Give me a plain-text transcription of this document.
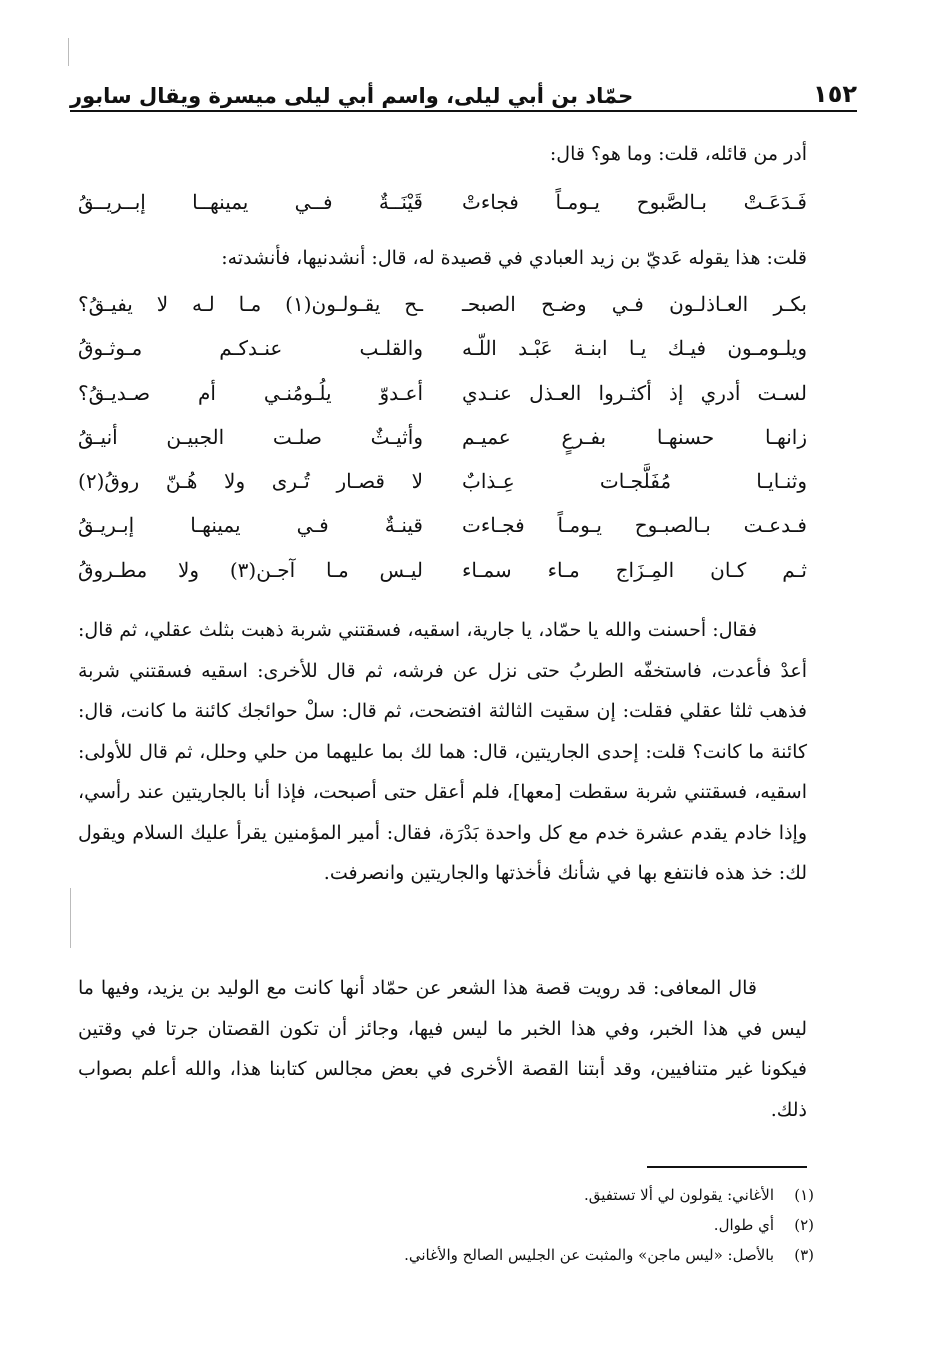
١٥٢
حمّاد بن أبي ليلى، واسم أبي ليلى ميسرة ويقال سابور

أدر من قائله، قلت: وما هو؟ قال:

فَـدَعَـتْ بـالصَّبوح يـومـاً فجاءتْ
قَيْنَــةٌ فــي يمينهــا إبــريــقُ

قلت: هذا يقوله عَديّ بن زيد العبادي في قصيدة له، قال: أنشدنيها، فأنشدته:

بكـر العـاذلـون فـي وضـح الصبحـ
ـح يقـولـون(١) مـا لـه لا يفيـقُ؟
ويلـومـون فيـك يـا ابنـة عَبْـد اللّـه
والقلـب عنـدكـم مـوثـوقُ
لسـت أدري إذ أكثـروا العـذل عنـدي
أعـدوّ يلُـومُنـي أم صـديـقُ؟
زانهـا حسنهـا بفـرعٍ عميـم
وأثيـثٌ صلـت الجبيـن أنيـقُ
وثنـايـا مُفَلَّجـات عِـذابٌ
لا قصـار تُـرى ولا هُـنّ روقُ(٢)
فـدعـت بـالصبـوح يـومـاً فجـاءت
قينـةٌ فـي يمينهـا إبـريـقُ
ثـم كـان المِـزَاج مـاء سمـاء
ليـس مـا آجـن(٣) ولا مطـروقُ

فقال: أحسنت والله يا حمّاد، يا جارية، اسقيه، فسقتني شربة ذهبت بثلث عقلي، ثم قال: أعدْ فأعدت، فاستخفّه الطربُ حتى نزل عن فرشه، ثم قال للأخرى: اسقيه فسقتني شربة فذهب ثلثا عقلي فقلت: إن سقيت الثالثة افتضحت، ثم قال: سلْ حوائجك كائنة ما كانت، قال: كائنة ما كانت؟ قلت: إحدى الجاريتين، قال: هما لك بما عليهما من حلي وحلل، ثم قال للأولى: اسقيه، فسقتني شربة سقطت [معها]، فلم أعقل حتى أصبحت، فإذا أنا بالجاريتين عند رأسي، وإذا خادم يقدم عشرة خدم مع كل واحدة بَدْرَة، فقال: أمير المؤمنين يقرأ عليك السلام ويقول لك: خذ هذه فانتفع بها في شأنك فأخذتها والجاريتين وانصرفت.

قال المعافى: قد رويت قصة هذا الشعر عن حمّاد أنها كانت مع الوليد بن يزيد، وفيها ما ليس في هذا الخبر، وفي هذا الخبر ما ليس فيها، وجائز أن تكون القصتان جرتا في وقتين فيكونا غير متنافيين، وقد أبتنا القصة الأخرى في بعض مجالس كتابنا هذا، والله أعلم بصواب ذلك.

(١)
الأغاني: يقولون لي ألا تستفيق.
(٢)
أي طوال.
(٣)
بالأصل: «ليس ماجن» والمثبت عن الجليس الصالح والأغاني.
